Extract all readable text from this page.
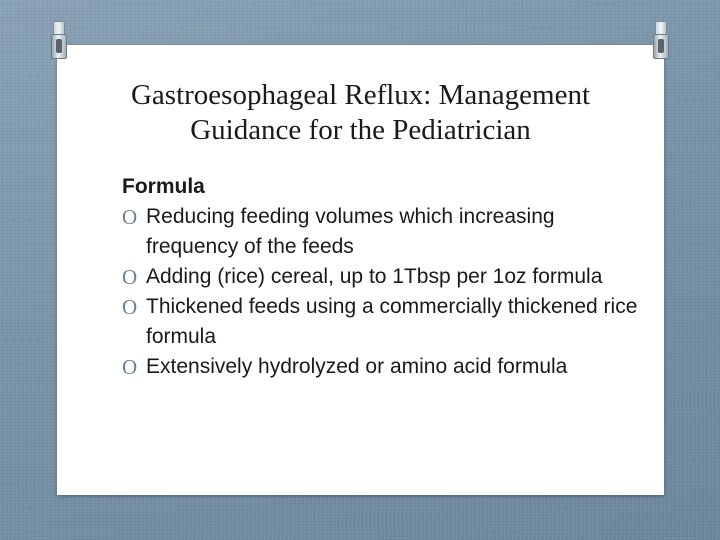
Gastroesophageal Reflux: Management
Guidance for the Pediatrician
Formula
O Reducing feeding volumes which increasing frequency of the feeds
O Adding (rice) cereal, up to 1Tbsp per 1oz formula
O Thickened feeds using a commercially thickened rice formula
O Extensively hydrolyzed or amino acid formula
